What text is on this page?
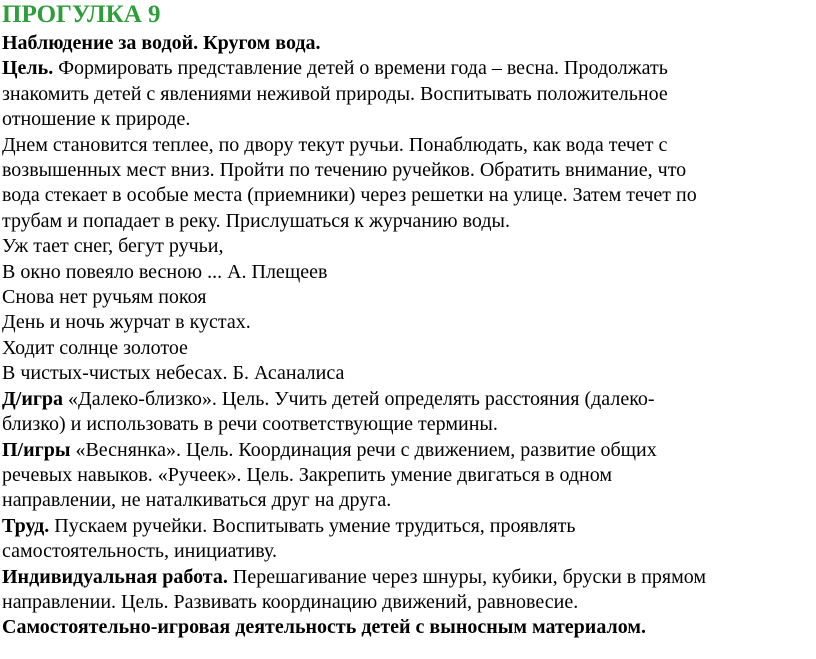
ПРОГУЛКА 9
Наблюдение за водой. Кругом вода.
Цель. Формировать представление детей о времени года – весна. Продолжать
знакомить детей с явлениями неживой природы. Воспитывать положительное
отношение к природе.
Днем становится теплее, по двору текут ручьи. Понаблюдать, как вода течет с
возвышенных мест вниз. Пройти по течению ручейков. Обратить внимание, что
вода стекает в особые места (приемники) через решетки на улице. Затем течет по
трубам и попадает в реку. Прислушаться к журчанию воды.
Уж тает снег, бегут ручьи,
В окно повеяло весною ... А. Плещеев
Снова нет ручьям покоя
День и ночь журчат в кустах.
Ходит солнце золотое
В чистых-чистых небесах. Б. Асаналиса
Д/игра «Далеко-близко». Цель. Учить детей определять расстояния (далеко-
близко) и использовать в речи соответствующие термины.
П/игры «Веснянка». Цель. Координация речи с движением, развитие общих
речевых навыков. «Ручеек». Цель. Закрепить умение двигаться в одном
направлении, не наталкиваться друг на друга.
Труд. Пускаем ручейки. Воспитывать умение трудиться, проявлять
самостоятельность, инициативу.
Индивидуальная работа. Перешагивание через шнуры, кубики, бруски в прямом
направлении. Цель. Развивать координацию движений, равновесие.
Самостоятельно-игровая деятельность детей с выносным материалом.
